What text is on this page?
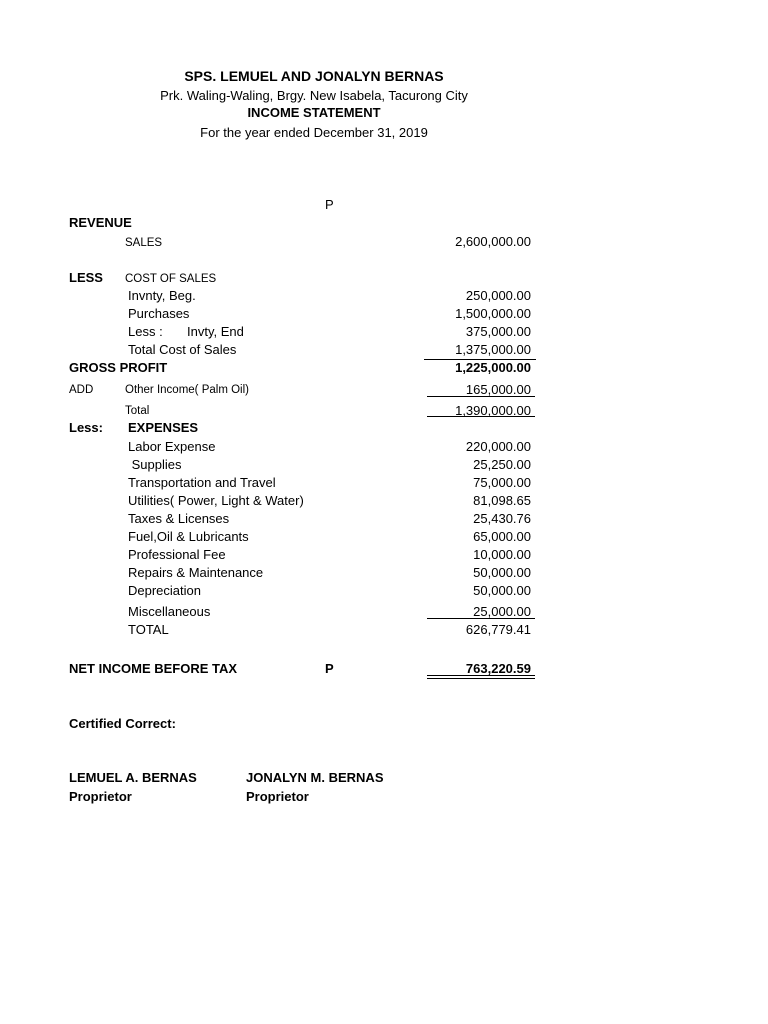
SPS. LEMUEL AND JONALYN BERNAS
Prk. Waling-Waling, Brgy. New Isabela, Tacurong City
INCOME STATEMENT
For the year ended December 31, 2019
P
REVENUE
SALES	2,600,000.00
LESS COST OF SALES
Invnty, Beg.	250,000.00
Purchases	1,500,000.00
Less : Invty, End	375,000.00
Total Cost of Sales	1,375,000.00
GROSS PROFIT	1,225,000.00
ADD	Other Income( Palm Oil)	165,000.00
Total	1,390,000.00
Less: EXPENSES
Labor Expense	220,000.00
Supplies	25,250.00
Transportation and Travel	75,000.00
Utilities( Power, Light & Water)	81,098.65
Taxes & Licenses	25,430.76
Fuel,Oil & Lubricants	65,000.00
Professional Fee	10,000.00
Repairs & Maintenance	50,000.00
Depreciation	50,000.00
Miscellaneous	25,000.00
TOTAL	626,779.41
NET INCOME BEFORE TAX	P	763,220.59
Certified Correct:
LEMUEL A. BERNAS
Proprietor
JONALYN M. BERNAS
Proprietor
